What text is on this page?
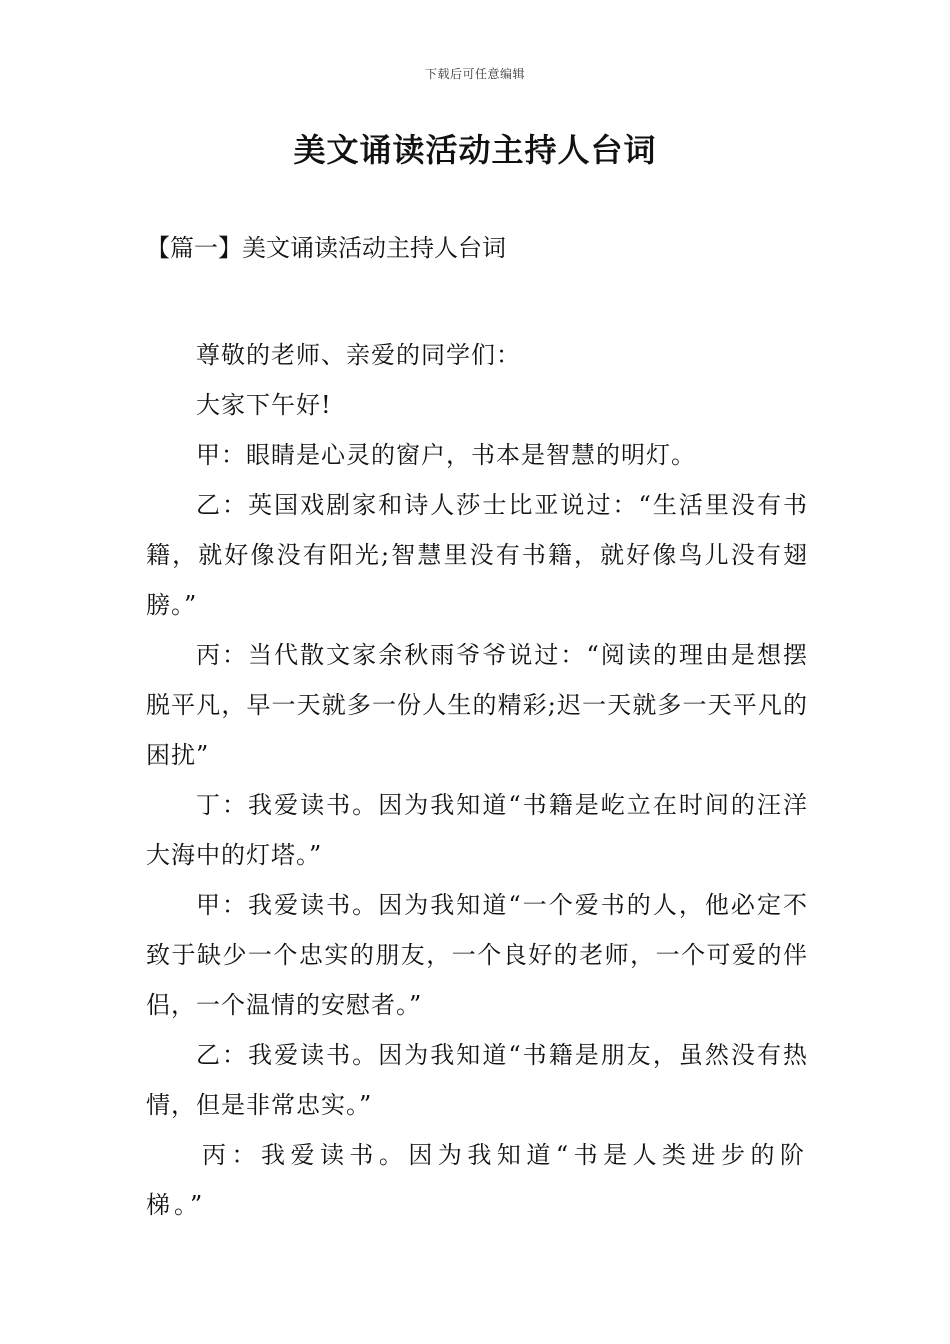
下载后可任意编辑
美文诵读活动主持人台词
【篇一】美文诵读活动主持人台词

尊敬的老师、亲爱的同学们：

大家下午好!

甲：眼睛是心灵的窗户，书本是智慧的明灯。

乙：英国戏剧家和诗人莎士比亚说过：“生活里没有书籍，就好像没有阳光;智慧里没有书籍，就好像鸟儿没有翅膀。”

丙：当代散文家余秋雨爷爷说过：“阅读的理由是想摆脱平凡，早一天就多一份人生的精彩;迟一天就多一天平凡的困扰”

丁：我爱读书。因为我知道“书籍是屹立在时间的汪洋大海中的灯塔。”

甲：我爱读书。因为我知道“一个爱书的人，他必定不致于缺少一个忠实的朋友，一个良好的老师，一个可爱的伴侣，一个温情的安慰者。”

乙：我爱读书。因为我知道“书籍是朋友，虽然没有热情，但是非常忠实。”

丙：我爱读书。因为我知道“书是人类进步的阶梯。”
